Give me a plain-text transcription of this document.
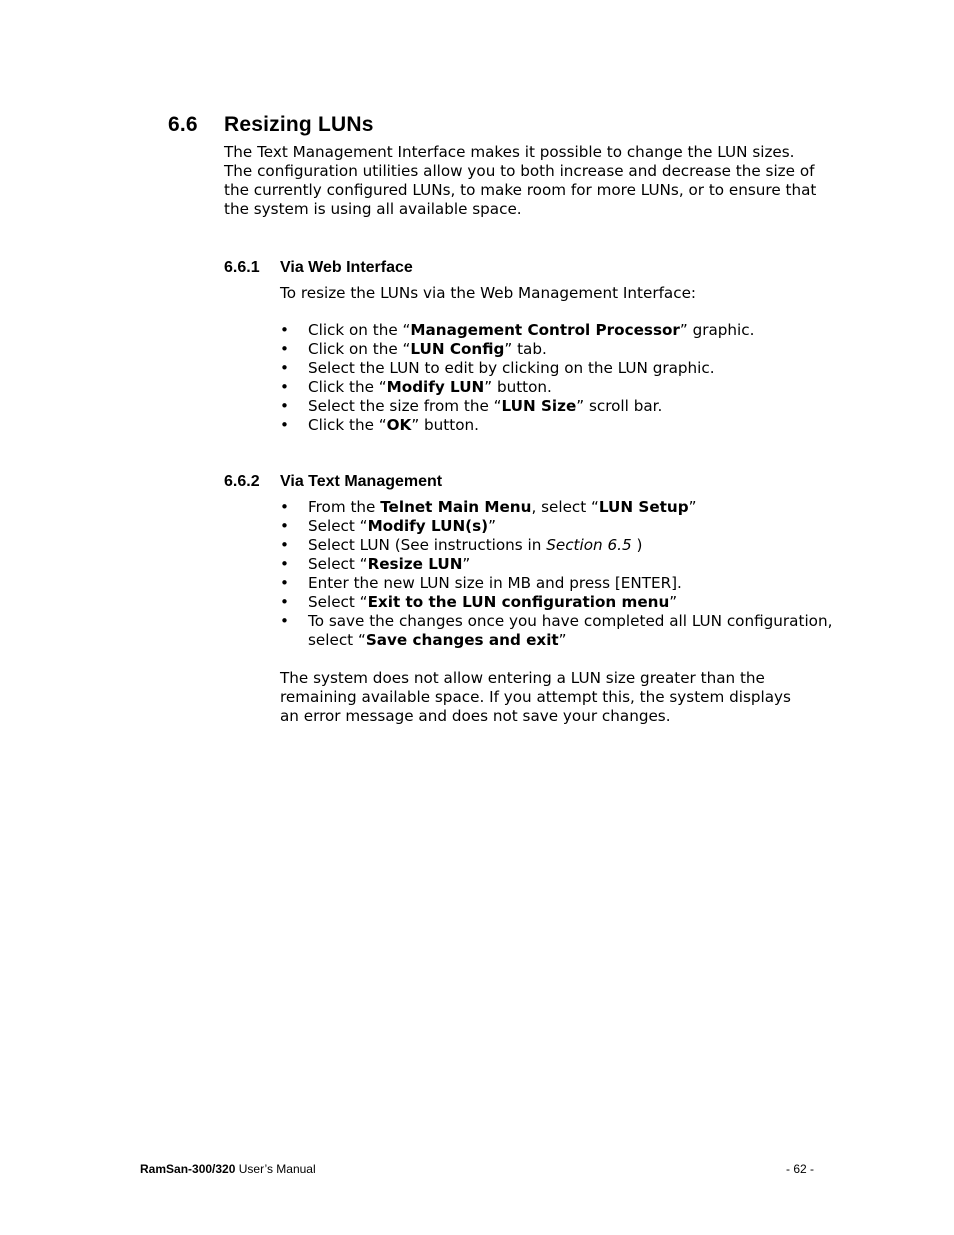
6.6 Resizing LUNs

The Text Management Interface makes it possible to change the LUN sizes. The configuration utilities allow you to both increase and decrease the size of the currently configured LUNs, to make room for more LUNs, or to ensure that the system is using all available space.

6.6.1 Via Web Interface

To resize the LUNs via the Web Management Interface:

• Click on the “Management Control Processor” graphic.
• Click on the “LUN Config” tab.
• Select the LUN to edit by clicking on the LUN graphic.
• Click the “Modify LUN” button.
• Select the size from the “LUN Size” scroll bar.
• Click the “OK” button.
6.6.2 Via Text Management
• From the Telnet Main Menu, select “LUN Setup”
• Select “Modify LUN(s)”
• Select LUN (See instructions in Section 6.5 )
• Select “Resize LUN”
• Enter the new LUN size in MB and press [ENTER].
• Select “Exit to the LUN configuration menu”
• To save the changes once you have completed all LUN configuration, select “Save changes and exit”

The system does not allow entering a LUN size greater than the remaining available space. If you attempt this, the system displays an error message and does not save your changes.

RamSan-300/320 User’s Manual	- 62 -
